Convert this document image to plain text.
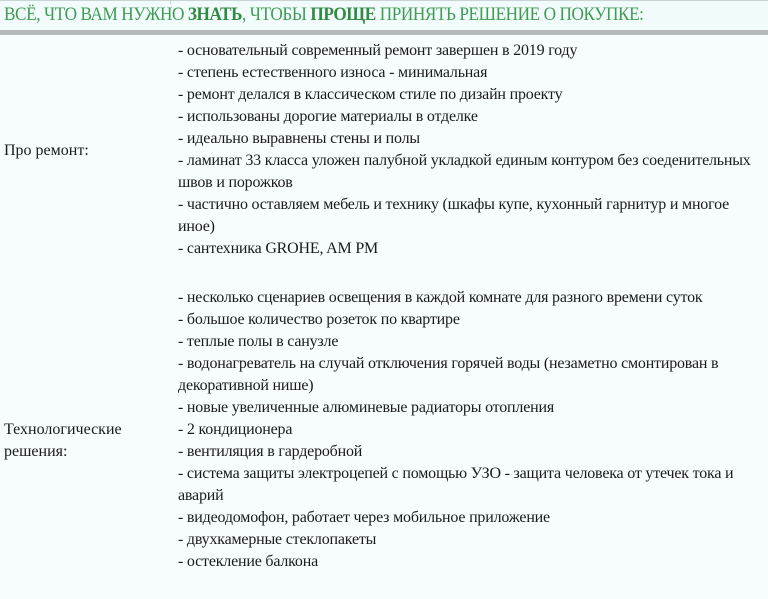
ВСЁ, ЧТО ВАМ НУЖНО ЗНАТЬ, ЧТОБЫ ПРОЩЕ ПРИНЯТЬ РЕШЕНИЕ О ПОКУПКЕ:
Про ремонт:
- основательный современный ремонт завершен в 2019 году
- степень естественного износа - минимальная
- ремонт делался в классическом стиле по дизайн проекту
- использованы дорогие материалы в отделке
- идеально выравнены стены и полы
- ламинат 33 класса уложен палубной укладкой единым контуром без соеденительных швов и порожков
- частично оставляем мебель и технику (шкафы купе, кухонный гарнитур и многое иное)
- сантехника GROHE, AM PM
Технологические
решения:
- несколько сценариев освещения в каждой комнате для разного времени суток
- большое количество розеток по квартире
- теплые полы в санузле
- водонагреватель на случай отключения горячей воды (незаметно смонтирован в декоративной нише)
- новые увеличенные алюминевые радиаторы отопления
- 2 кондиционера
- вентиляция в гардеробной
- система защиты электроцепей с помощью УЗО - защита человека от утечек тока и аварий
- видеодомофон, работает через мобильное приложение
- двухкамерные стеклопакеты
- остекление балкона
